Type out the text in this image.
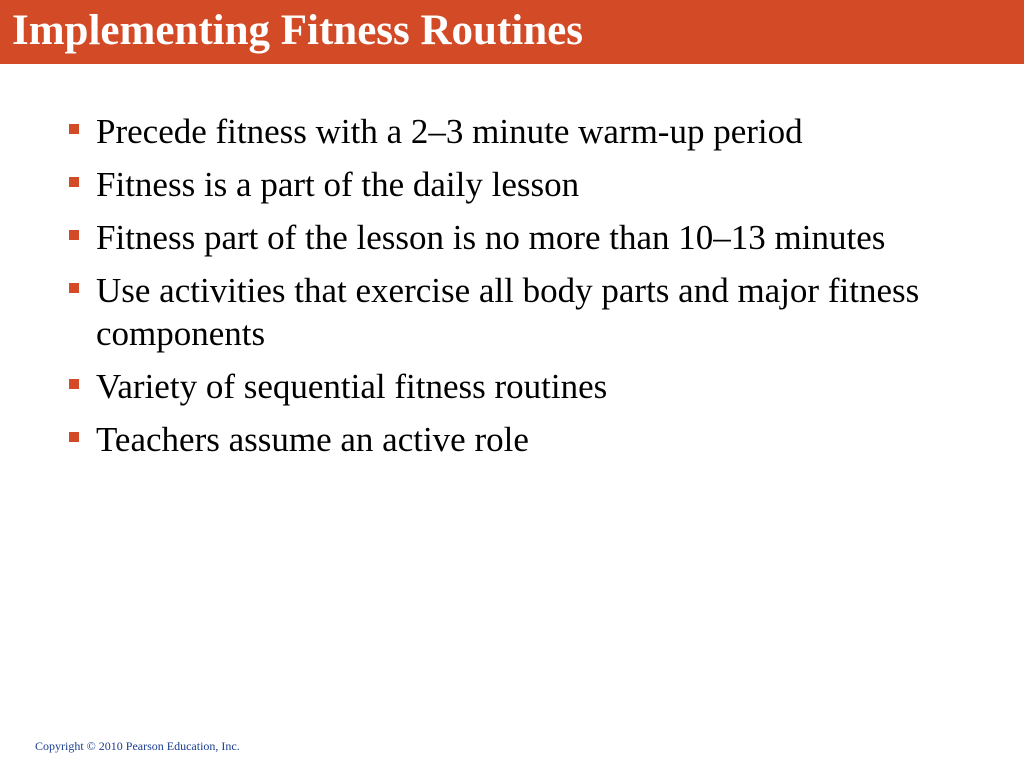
Implementing Fitness Routines
Precede fitness with a 2–3 minute warm-up period
Fitness is a part of the daily lesson
Fitness part of the lesson is no more than 10–13 minutes
Use activities that exercise all body parts and major fitness components
Variety of sequential fitness routines
Teachers assume an active role
Copyright © 2010 Pearson Education, Inc.
